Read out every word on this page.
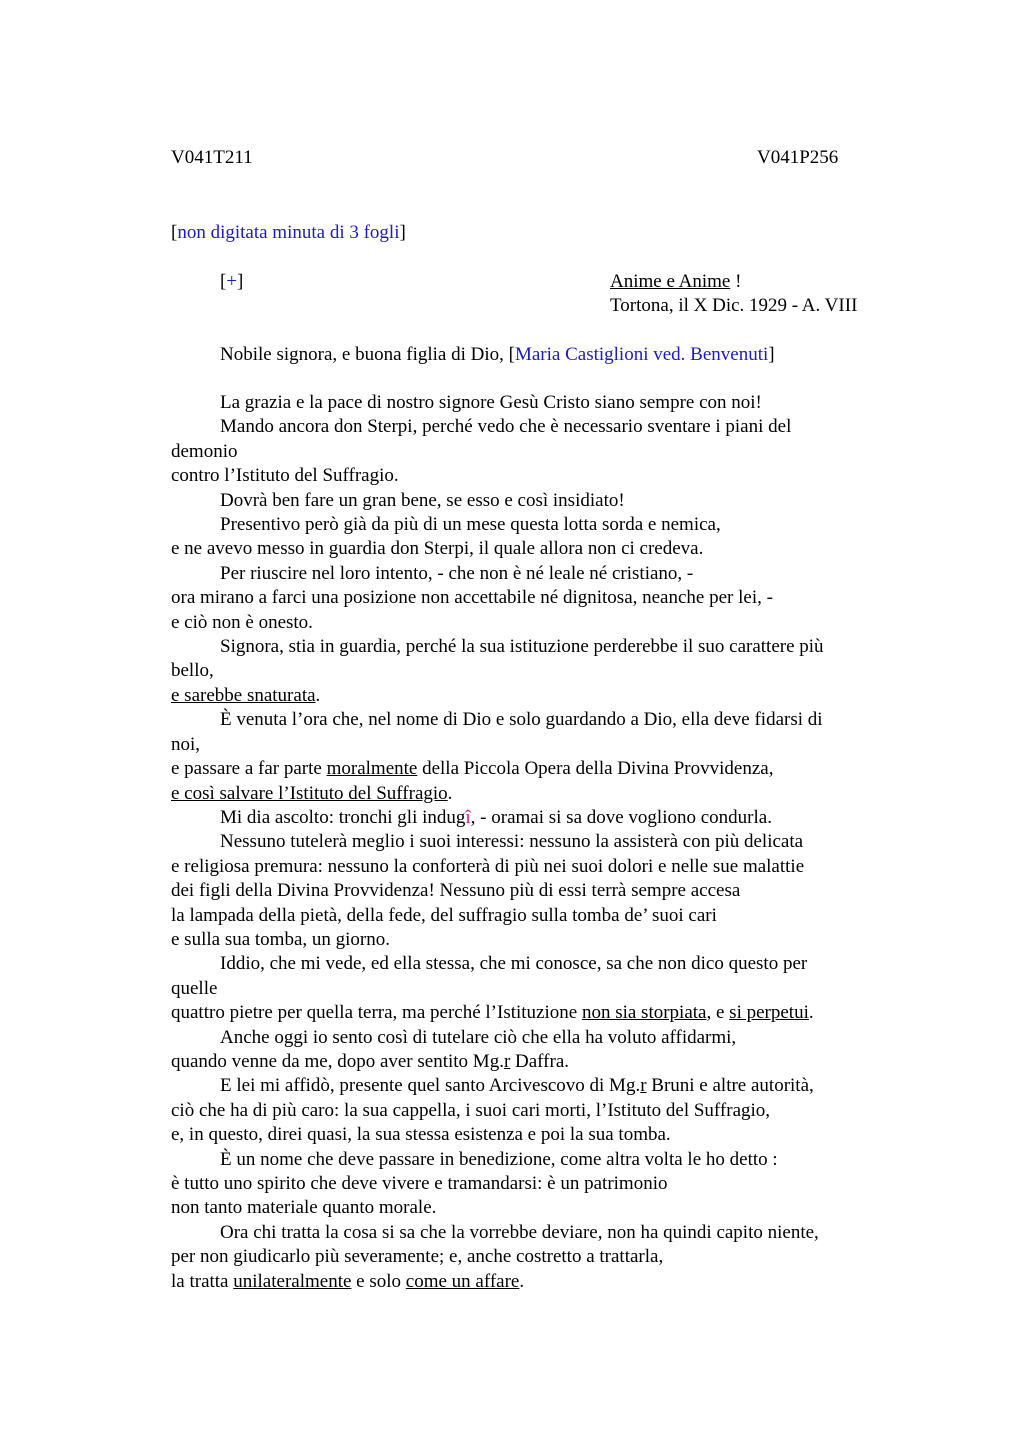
V041T211	V041P256
[non digitata minuta di 3 fogli]
[+]	Anime e Anime !
Tortona, il X Dic. 1929 - A. VIII
Nobile signora, e buona figlia di Dio, [Maria Castiglioni ved. Benvenuti]
La grazia e la pace di nostro signore Gesù Cristo siano sempre con noi!
Mando ancora don Sterpi, perché vedo che è necessario sventare i piani del
demonio
contro l’Istituto del Suffragio.
Dovrà ben fare un gran bene, se esso e così insidiato!
Presentivo però già da più di un mese questa lotta sorda e nemica,
e ne avevo messo in guardia don Sterpi, il quale allora non ci credeva.
Per riuscire nel loro intento, - che non è né leale né cristiano, -
ora mirano a farci una posizione non accettabile né dignitosa, neanche per lei, -
e ciò non è onesto.
Signora, stia in guardia, perché la sua istituzione perderebbe il suo carattere più
bello,
e sarebbe snaturata.
È venuta l’ora che, nel nome di Dio e solo guardando a Dio, ella deve fidarsi di
noi,
e passare a far parte moralmente della Piccola Opera della Divina Provvidenza,
e così salvare l’Istituto del Suffragio.
Mi dia ascolto: tronchi gli indugî, - oramai si sa dove vogliono condurla.
Nessuno tutelerà meglio i suoi interessi: nessuno la assisterà con più delicata
e religiosa premura: nessuno la conforterà di più nei suoi dolori e nelle sue malattie
dei figli della Divina Provvidenza! Nessuno più di essi terrà sempre accesa
la lampada della pietà, della fede, del suffragio sulla tomba de’ suoi cari
e sulla sua tomba, un giorno.
Iddio, che mi vede, ed ella stessa, che mi conosce, sa che non dico questo per
quelle
quattro pietre per quella terra, ma perché l’Istituzione non sia storpiata, e si perpetui.
Anche oggi io sento così di tutelare ciò che ella ha voluto affidarmi,
quando venne da me, dopo aver sentito Mg.r Daffra.
E lei mi affidò, presente quel santo Arcivescovo di Mg.r Bruni e altre autorità,
ciò che ha di più caro: la sua cappella, i suoi cari morti, l’Istituto del Suffragio,
e, in questo, direi quasi, la sua stessa esistenza e poi la sua tomba.
È un nome che deve passare in benedizione, come altra volta le ho detto :
è tutto uno spirito che deve vivere e tramandarsi: è un patrimonio
non tanto materiale quanto morale.
Ora chi tratta la cosa si sa che la vorrebbe deviare, non ha quindi capito niente,
per non giudicarlo più severamente; e, anche costretto a trattarla,
la tratta unilateralmente e solo come un affare.
